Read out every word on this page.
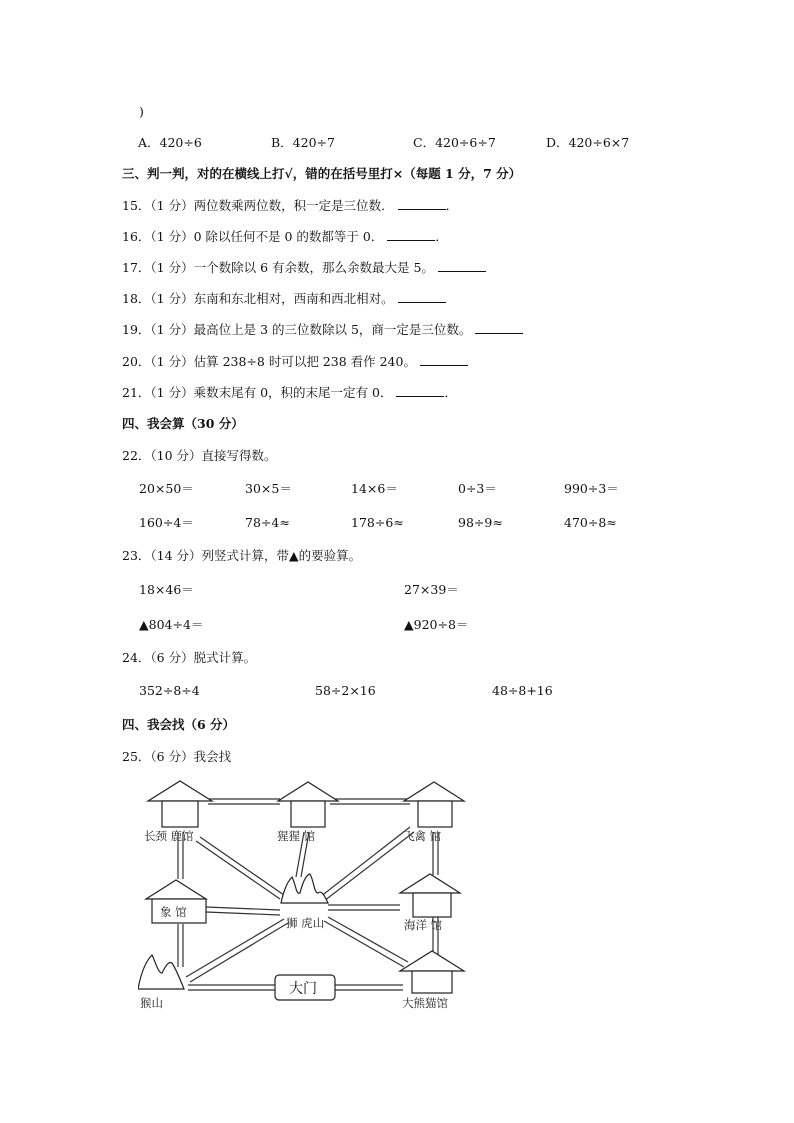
)
A．420÷6	B．420÷7	C．420÷6÷7	D．420÷6×7
三、判一判，对的在横线上打√，错的在括号里打×（每题 1 分，7 分）
15．（1 分）两位数乘两位数，积一定是三位数．	．
16．（1 分）0 除以任何不是 0 的数都等于 0．	．
17．（1 分）一个数除以 6 有余数，那么余数最大是 5。
18．（1 分）东南和东北相对，西南和西北相对。
19．（1 分）最高位上是 3 的三位数除以 5，商一定是三位数。
20．（1 分）估算 238÷8 时可以把 238 看作 240。
21．（1 分）乘数末尾有 0，积的末尾一定有 0．	．
四、我会算（30 分）
22．（10 分）直接写得数。
20×50＝	30×5＝	14×6＝	0÷3＝	990÷3＝
160÷4＝	78÷4≈	178÷6≈	98÷9≈	470÷8≈
23．（14 分）列竖式计算，带▲的要验算。
18×46＝	27×39＝
▲804÷4＝	▲920÷8＝
24．（6 分）脱式计算。
352÷8÷4	58÷2×16	48÷8+16
四、我会找（6 分）
25．（6 分）我会找
长颈 鹿馆	猩猩 馆	飞禽 馆
象 馆
狮 虎山	海洋 馆
猴山
大门
大熊猫馆
